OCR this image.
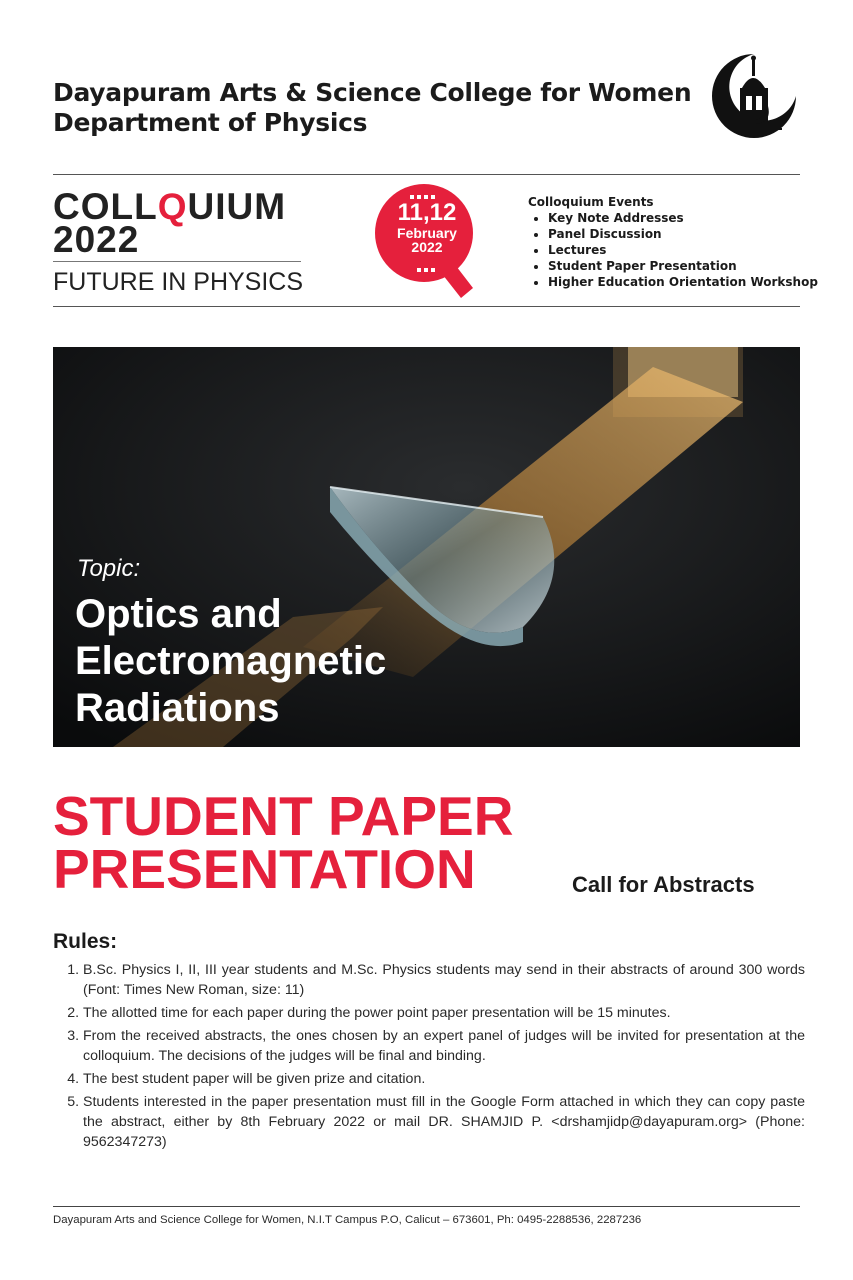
Dayapuram Arts & Science College for Women
Department of Physics
COLLQUIUM
2022
FUTURE IN PHYSICS
11,12
February
2022
Colloquium Events
• Key Note Addresses
• Panel Discussion
• Lectures
• Student Paper Presentation
• Higher Education Orientation Workshop
Topic:
Optics and
Electromagnetic
Radiations
STUDENT PAPER
PRESENTATION	Call for Abstracts
Rules:
1. B.Sc. Physics I, II, III year students and M.Sc. Physics students may send in their abstracts of around 300 words (Font: Times New Roman, size: 11)
2. The allotted time for each paper during the power point paper presentation will be 15 minutes.
3. From the received abstracts, the ones chosen by an expert panel of judges will be invited for presentation at the colloquium. The decisions of the judges will be final and binding.
4. The best student paper will be given prize and citation.
5. Students interested in the paper presentation must fill in the Google Form attached in which they can copy paste the abstract, either by 8th February 2022 or mail DR. SHAMJID P. <drshamjidp@dayapuram.org> (Phone: 9562347273)
Dayapuram Arts and Science College for Women, N.I.T Campus P.O, Calicut – 673601, Ph: 0495-2288536, 2287236
